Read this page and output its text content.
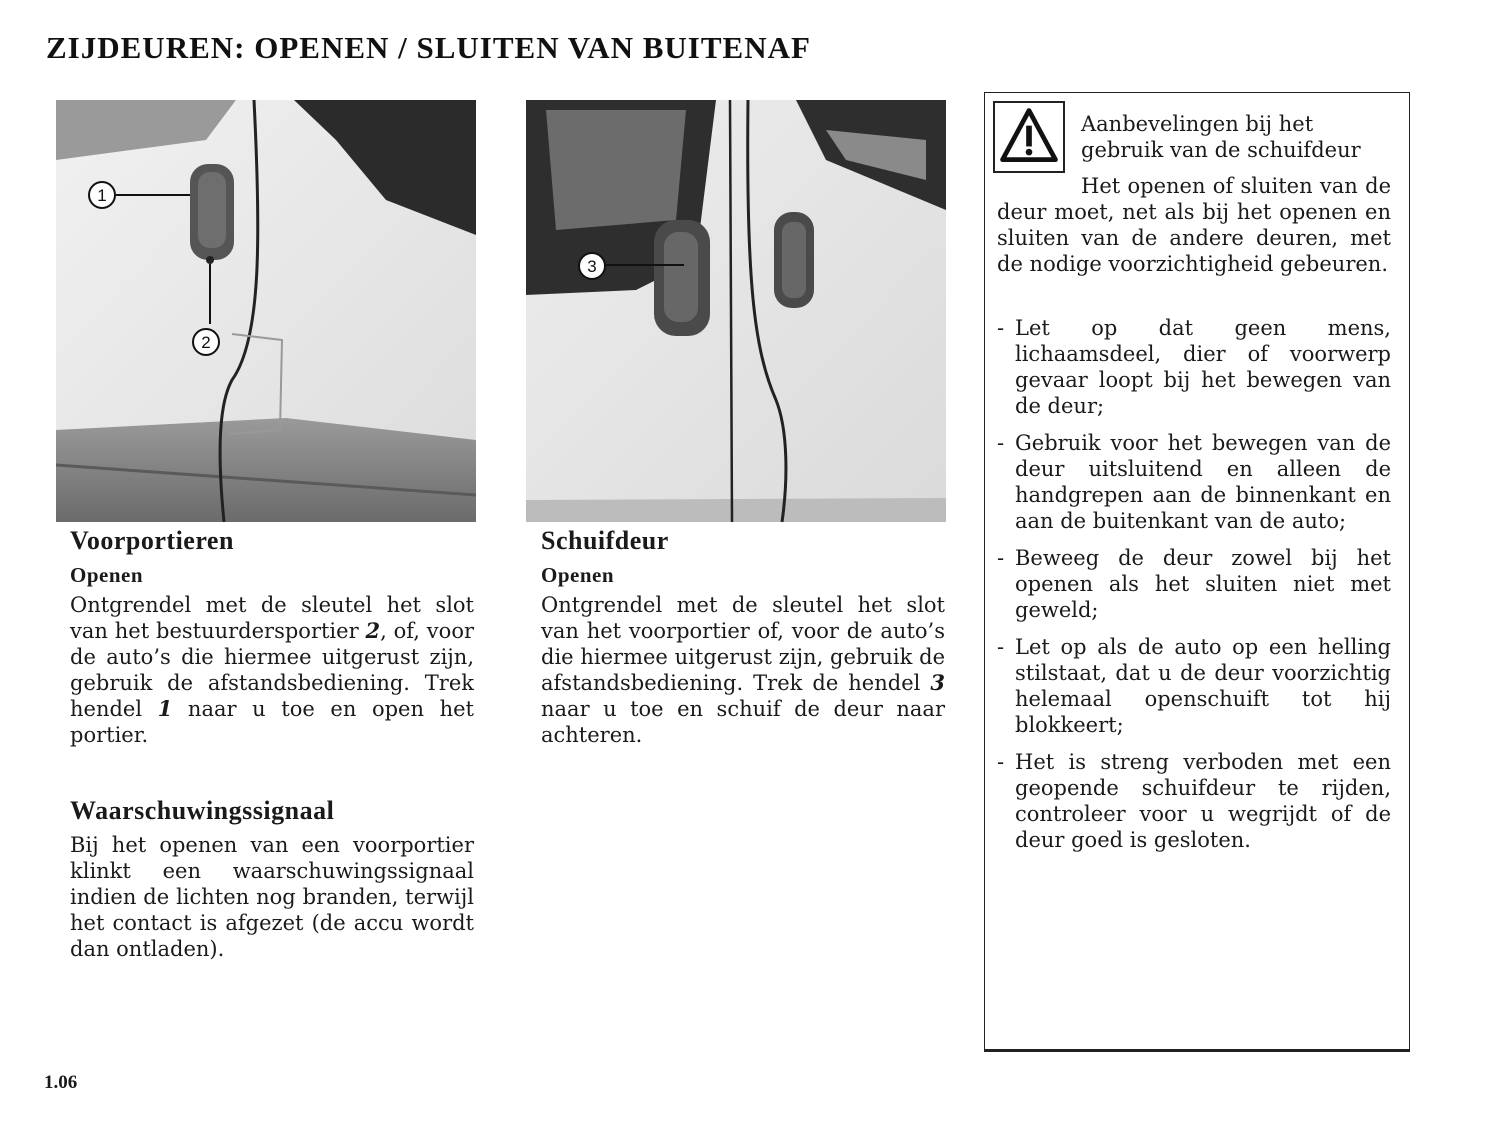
ZIJDEUREN: OPENEN / SLUITEN VAN BUITENAF
1
2
3
Voorportieren
Openen

Ontgrendel met de sleutel het slot van het bestuurdersportier 2, of, voor de auto’s die hiermee uitgerust zijn, gebruik de afstandsbediening. Trek hendel 1 naar u toe en open het portier.

Schuifdeur
Openen

Ontgrendel met de sleutel het slot van het voorportier of, voor de auto’s die hiermee uitgerust zijn, gebruik de afstandsbediening. Trek de hendel 3 naar u toe en schuif de deur naar achteren.

Waarschuwingssignaal

Bij het openen van een voorportier klinkt een waarschuwingssignaal indien de lichten nog branden, terwijl het contact is afgezet (de accu wordt dan ontladen).

Aanbevelingen bij het gebruik van de schuifdeur

Het openen of sluiten van de deur moet, net als bij het openen en sluiten van de andere deuren, met de nodige voorzichtigheid gebeuren.

- Let op dat geen mens, lichaamsdeel, dier of voorwerp gevaar loopt bij het bewegen van de deur;
- Gebruik voor het bewegen van de deur uitsluitend en alleen de handgrepen aan de binnenkant en aan de buitenkant van de auto;
- Beweeg de deur zowel bij het openen als het sluiten niet met geweld;
- Let op als de auto op een helling stilstaat, dat u de deur voorzichtig helemaal openschuift tot hij blokkeert;
- Het is streng verboden met een geopende schuifdeur te rijden, controleer voor u wegrijdt of de deur goed is gesloten.
1.06
